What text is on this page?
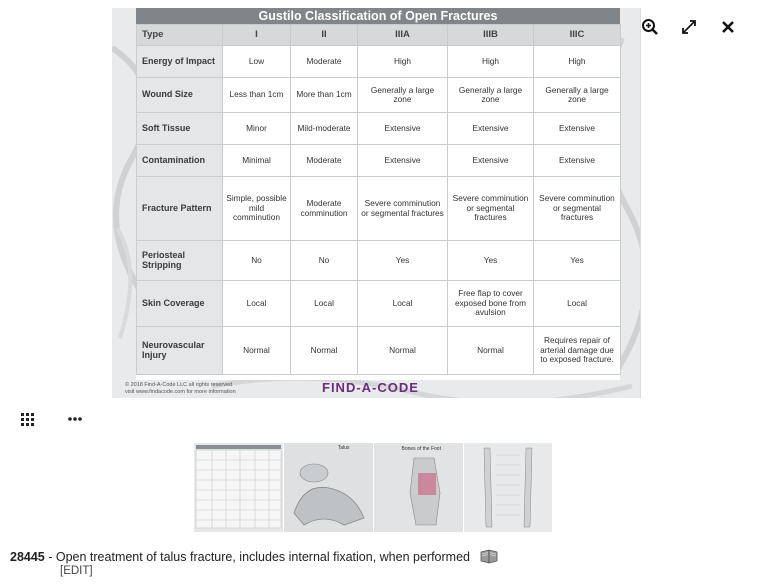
Gustilo Classification of Open Fractures
Type	I	II	IIIA	IIIB	IIIC
Energy of Impact	Low	Moderate	High	High	High
Wound Size	Less than 1cm	More than 1cm	Generally a large zone	Generally a large zone	Generally a large zone
Soft Tissue	Minor	Mild-moderate	Extensive	Extensive	Extensive
Contamination	Minimal	Moderate	Extensive	Extensive	Extensive
Fracture Pattern	Simple, possible mild comminution	Moderate comminution	Severe comminution or segmental fractures	Severe comminution or segmental fractures	Severe comminution or segmental fractures
Periosteal Stripping	No	No	Yes	Yes	Yes
Skin Coverage	Local	Local	Local	Free flap to cover exposed bone from avulsion	Local
Neurovascular Injury	Normal	Normal	Normal	Normal	Requires repair of arterial damage due to exposed fracture.
© 2018 Find-A-Code LLC all rights reserved
visit www.findacode.com for more information	FIND-A-CODE
Talus	Bones of the Foot
28445 - Open treatment of talus fracture, includes internal fixation, when performed
[EDIT]
